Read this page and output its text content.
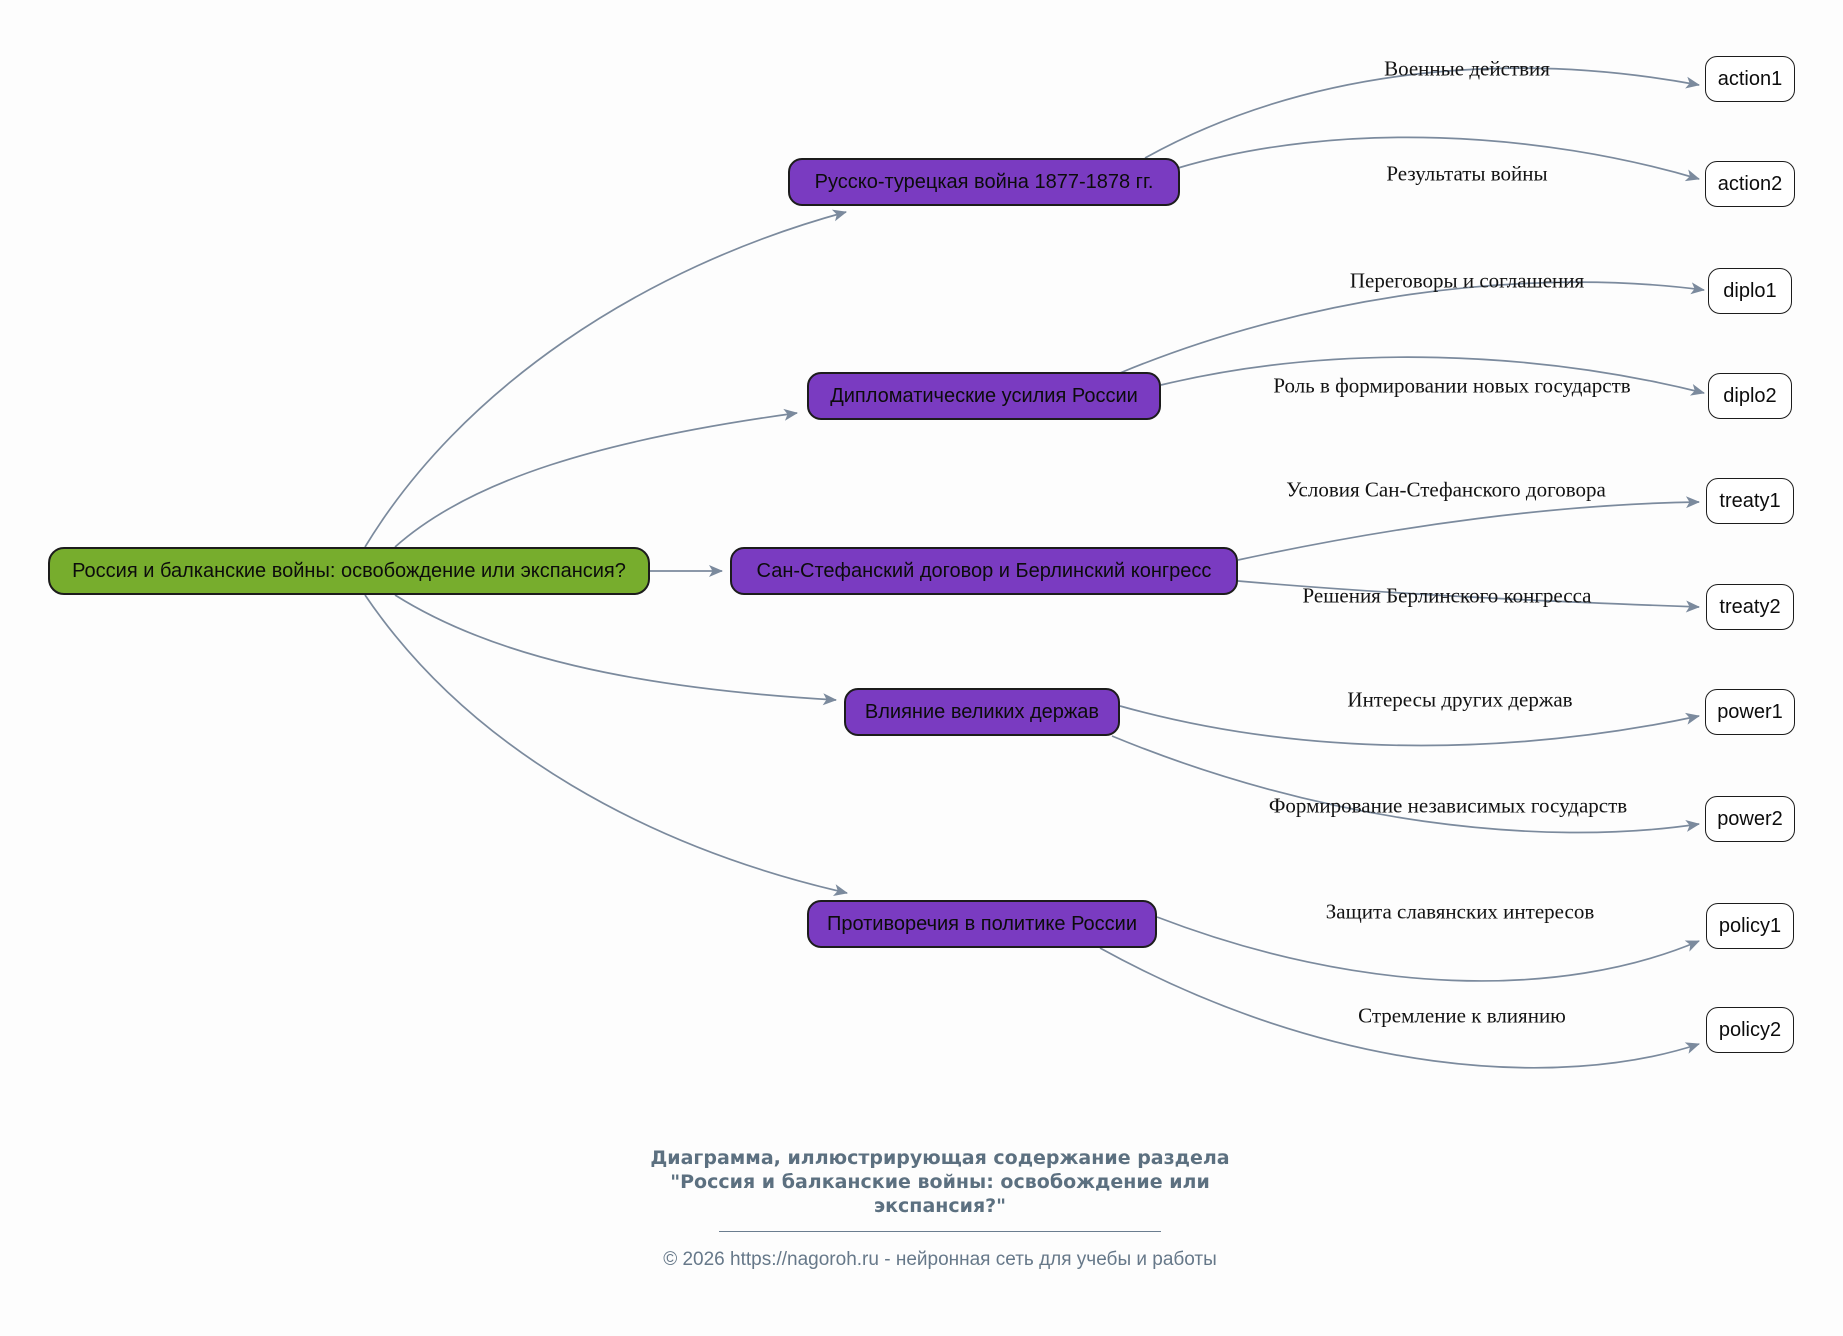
Россия и балканские войны: освобождение или экспансия?
Русско-турецкая война 1877-1878 гг.
Дипломатические усилия России
Сан-Стефанский договор и Берлинский конгресс
Влияние великих держав
Противоречия в политике России
action1
action2
diplo1
diplo2
treaty1
treaty2
power1
power2
policy1
policy2
Военные действия
Результаты войны
Переговоры и соглашения
Роль в формировании новых государств
Условия Сан-Стефанского договора
Решения Берлинского конгресса
Интересы других держав
Формирование независимых государств
Защита славянских интересов
Стремление к влиянию
Диаграмма, иллюстрирующая содержание раздела
"Россия и балканские войны: освобождение или
экспансия?"
© 2026 https://nagoroh.ru - нейронная сеть для учебы и работы
